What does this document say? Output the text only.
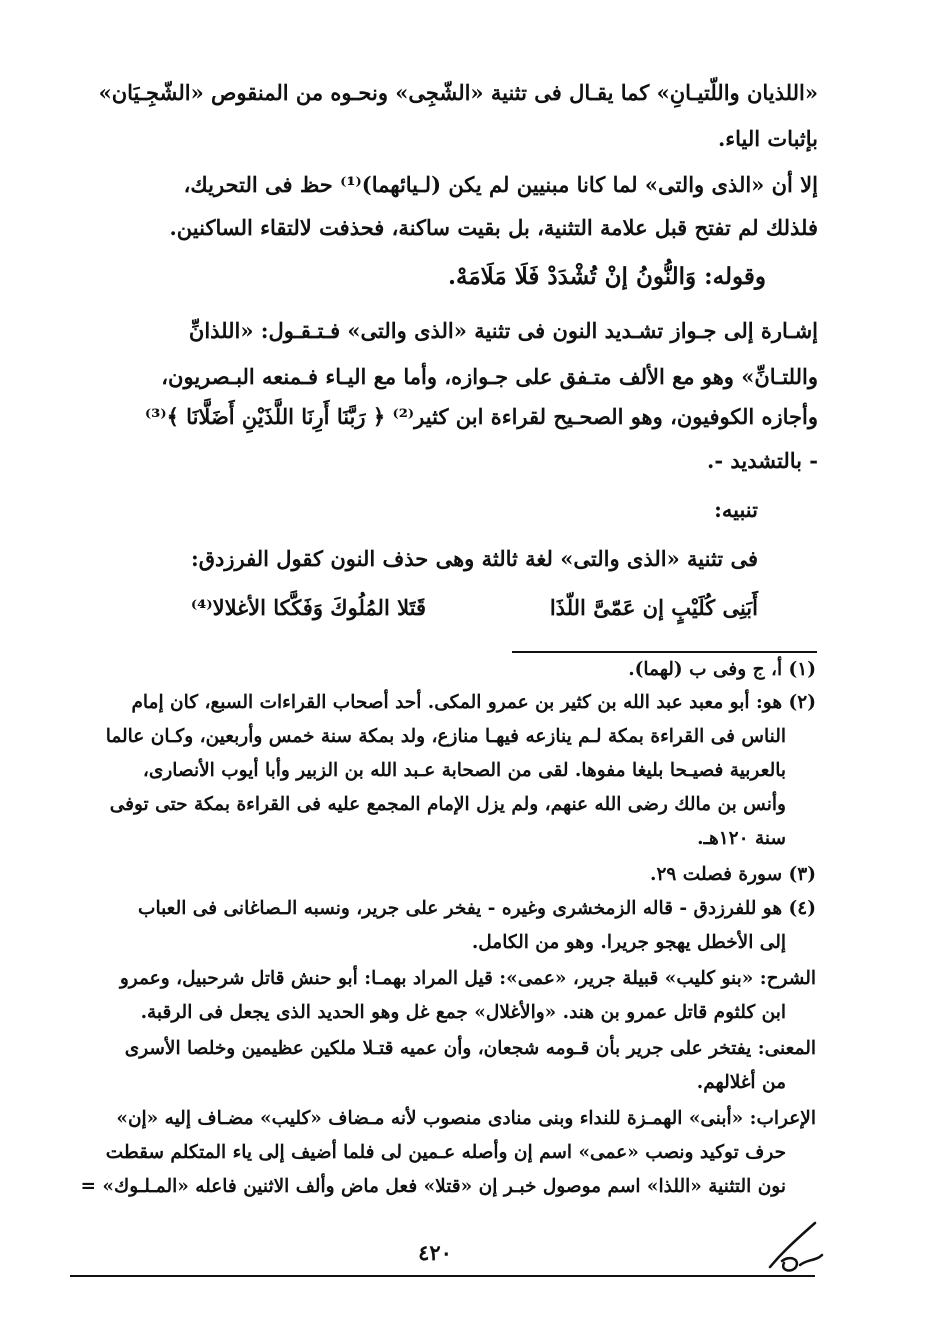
«اللذيان واللّتيـانِ» كما يقـال فى تثنية «الشّجِى» ونحـوه من المنقوص «الشّجِـيَان»

بإثبات الياء.

إلا أن «الذى والتى» لما كانا مبنيين لم يكن (لـيائهما)⁽¹⁾ حظ فى التحريك،

فلذلك لم تفتح قبل علامة التثنية، بل بقيت ساكنة، فحذفت لالتقاء الساكنين.

وقوله: وَالنُّونُ إنْ تُشْدَدْ فَلَا مَلَامَهْ.

إشـارة إلى جـواز تشـديد النون فى تثنية «الذى والتى» فـتـقـول: «اللذانِّ

واللتـانِّ» وهو مع الألف متـفق على جـوازه، وأما مع اليـاء فـمنعه البـصريون،

وأجازه الكوفيون، وهو الصحـيح لقراءة ابن كثير⁽²⁾ ﴿ رَبَّنَا أَرِنَا اللَّذَيْنِ أَضَلَّانَا ﴾⁽³⁾

- بالتشديد -.

تنبيه:

فى تثنية «الذى والتى» لغة ثالثة وهى حذف النون كقول الفرزدق:

أَبَنِى كُلَيْبٍ إن عَمّىَّ اللّذَا
قَتَلا المُلُوكَ وَفَكَّكا الأغلالا⁽⁴⁾

(١) أ، ج وفى ب (لهما).

(٢) هو: أبو معبد عبد الله بن كثير بن عمرو المكى. أحد أصحاب القراءات السبع، كان إمام

الناس فى القراءة بمكة لـم ينازعه فيهـا منازع، ولد بمكة سنة خمس وأربعين، وكـان عالما

بالعربية فصيـحا بليغا مفوها. لقى من الصحابة عـبد الله بن الزبير وأبا أيوب الأنصارى،

وأنس بن مالك رضى الله عنهم، ولم يزل الإمام المجمع عليه فى القراءة بمكة حتى توفى

سنة ١٢٠هـ.

(٣) سورة فصلت ٢٩.

(٤) هو للفرزدق - قاله الزمخشرى وغيره - يفخر على جرير، ونسبه الـصاغانى فى العباب

إلى الأخطل يهجو جريرا. وهو من الكامل.

الشرح: «بنو كليب» قبيلة جرير، «عمى»: قيل المراد بهمـا: أبو حنش قاتل شرحبيل، وعمرو

ابن كلثوم قاتل عمرو بن هند. «والأغلال» جمع غل وهو الحديد الذى يجعل فى الرقبة.

المعنى: يفتخر على جرير بأن قـومه شجعان، وأن عميه قتـلا ملكين عظيمين وخلصا الأسرى

من أغلالهم.

الإعراب: «أبنى» الهمـزة للنداء وبنى منادى منصوب لأنه مـضاف «كليب» مضـاف إليه «إن»

حرف توكيد ونصب «عمى» اسم إن وأصله عـمين لى فلما أضيف إلى ياء المتكلم سقطت

نون التثنية «اللذا» اسم موصول خبـر إن «قتلا» فعل ماض وألف الاثنين فاعله «المـلـوك» =

٤٢٠
